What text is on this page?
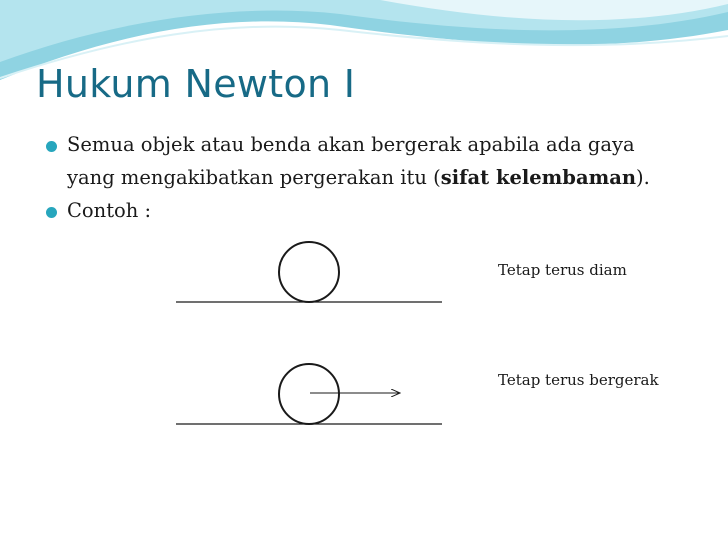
Hukum Newton I
Semua objek atau benda akan bergerak apabila ada gaya yang mengakibatkan pergerakan itu (sifat kelembaman).
Contoh :
Tetap terus diam
Tetap terus bergerak
